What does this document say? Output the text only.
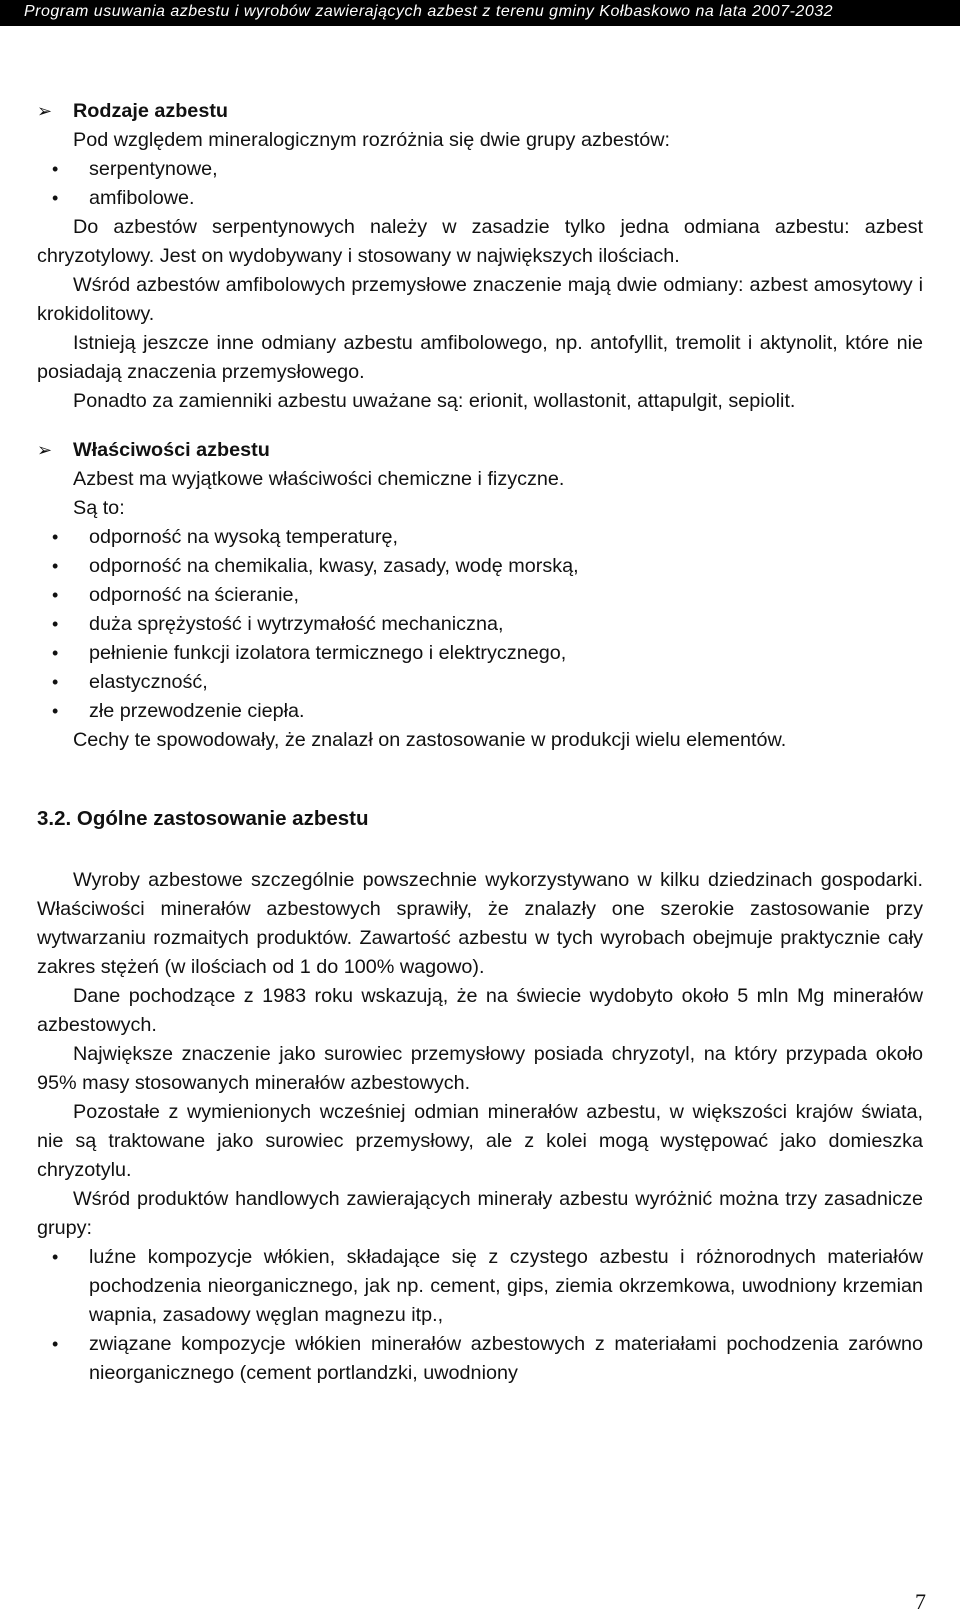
Program usuwania azbestu i wyrobów zawierających azbest z terenu gminy Kołbaskowo na lata 2007-2032
➢ Rodzaje azbestu
Pod względem mineralogicznym rozróżnia się dwie grupy azbestów:
• serpentynowe,
• amfibolowe.
Do azbestów serpentynowych należy w zasadzie tylko jedna odmiana azbestu: azbest chryzotylowy. Jest on wydobywany i stosowany w największych ilościach.
Wśród azbestów amfibolowych przemysłowe znaczenie mają dwie odmiany: azbest amosytowy i krokidolitowy.
Istnieją jeszcze inne odmiany azbestu amfibolowego, np. antofyllit, tremolit i aktynolit, które nie posiadają znaczenia przemysłowego.
Ponadto za zamienniki azbestu uważane są: erionit, wollastonit, attapulgit, sepiolit.
➢ Właściwości azbestu
Azbest ma wyjątkowe właściwości chemiczne i fizyczne.
Są to:
• odporność na wysoką temperaturę,
• odporność na chemikalia, kwasy, zasady, wodę morską,
• odporność na ścieranie,
• duża sprężystość i wytrzymałość mechaniczna,
• pełnienie funkcji izolatora termicznego i elektrycznego,
• elastyczność,
• złe przewodzenie ciepła.
Cechy te spowodowały, że znalazł on zastosowanie w produkcji wielu elementów.
3.2. Ogólne zastosowanie azbestu
Wyroby azbestowe szczególnie powszechnie wykorzystywano w kilku dziedzinach gospodarki. Właściwości minerałów azbestowych sprawiły, że znalazły one szerokie zastosowanie przy wytwarzaniu rozmaitych produktów. Zawartość azbestu w tych wyrobach obejmuje praktycznie cały zakres stężeń (w ilościach od 1 do 100% wagowo).
Dane pochodzące z 1983 roku wskazują, że na świecie wydobyto około 5 mln Mg minerałów azbestowych.
Największe znaczenie jako surowiec przemysłowy posiada chryzotyl, na który przypada około 95% masy stosowanych minerałów azbestowych.
Pozostałe z wymienionych wcześniej odmian minerałów azbestu, w większości krajów świata, nie są traktowane jako surowiec przemysłowy, ale z kolei mogą występować jako domieszka chryzotylu.
Wśród produktów handlowych zawierających minerały azbestu wyróżnić można trzy zasadnicze grupy:
• luźne kompozycje włókien, składające się z czystego azbestu i różnorodnych materiałów pochodzenia nieorganicznego, jak np. cement, gips, ziemia okrzemkowa, uwodniony krzemian wapnia, zasadowy węglan magnezu itp.,
• związane kompozycje włókien minerałów azbestowych z materiałami pochodzenia zarówno nieorganicznego (cement portlandzki, uwodniony
7
